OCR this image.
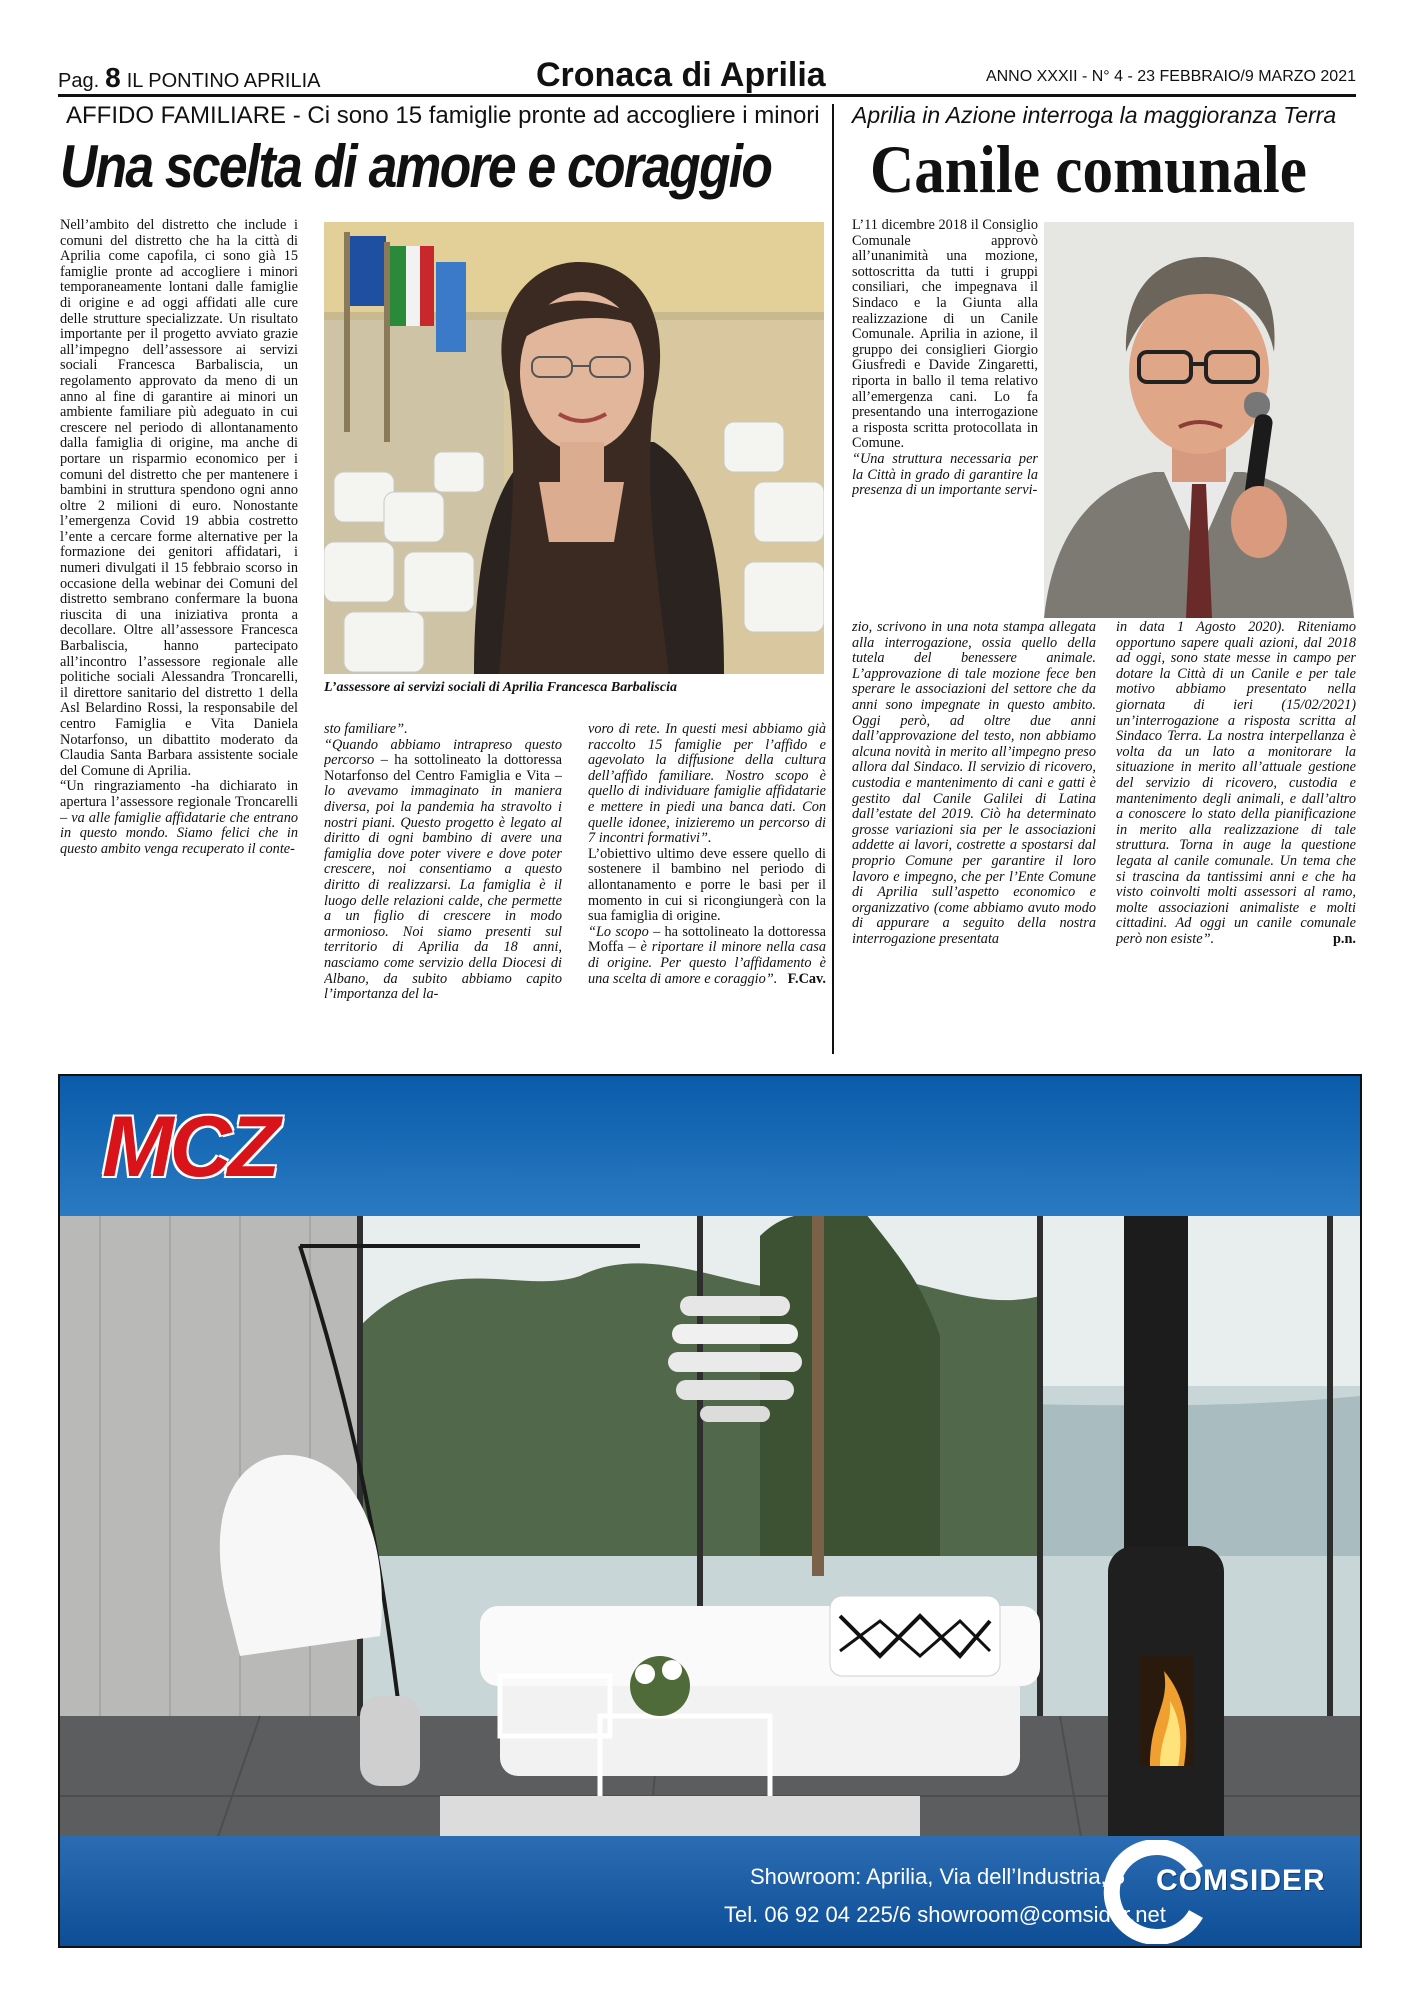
Pag. 8 IL PONTINO APRILIA	Cronaca di Aprilia	ANNO XXXII - N° 4 - 23 FEBBRAIO/9 MARZO 2021
AFFIDO FAMILIARE - Ci sono 15 famiglie pronte ad accogliere i minori
Una scelta di amore e coraggio

Nell’ambito del distretto che include i comuni del distretto che ha la città di Aprilia come capofila, ci sono già 15 famiglie pronte ad accogliere i minori temporaneamente lontani dalle famiglie di origine e ad oggi affidati alle cure delle strutture specializzate. Un risultato importante per il progetto avviato grazie all’impegno dell’assessore ai servizi sociali Francesca Barbaliscia, un regolamento approvato da meno di un anno al fine di garantire ai minori un ambiente familiare più adeguato in cui crescere nel periodo di allontanamento dalla famiglia di origine, ma anche di portare un risparmio economico per i comuni del distretto che per mantenere i bambini in struttura spendono ogni anno oltre 2 milioni di euro. Nonostante l’emergenza Covid 19 abbia costretto l’ente a cercare forme alternative per la formazione dei genitori affidatari, i numeri divulgati il 15 febbraio scorso in occasione della webinar dei Comuni del distretto sembrano confermare la buona riuscita di una iniziativa pronta a decollare. Oltre all’assessore Francesca Barbaliscia, hanno partecipato all’incontro l’assessore regionale alle politiche sociali Alessandra Troncarelli, il direttore sanitario del distretto 1 della Asl Belardino Rossi, la responsabile del centro Famiglia e Vita Daniela Notarfonso, un dibattito moderato da Claudia Santa Barbara assistente sociale del Comune di Aprilia.

“Un ringraziamento -ha dichiarato in apertura l’assessore regionale Troncarelli – va alle famiglie affidatarie che entrano in questo mondo. Siamo felici che in questo ambito venga recuperato il conte-

L’assessore ai servizi sociali di Aprilia Francesca Barbaliscia

sto familiare”.

“Quando abbiamo intrapreso questo percorso – ha sottolineato la dottoressa Notarfonso del Centro Famiglia e Vita – lo avevamo immaginato in maniera diversa, poi la pandemia ha stravolto i nostri piani. Questo progetto è legato al diritto di ogni bambino di avere una famiglia dove poter vivere e dove poter crescere, noi consentiamo a questo diritto di realizzarsi. La famiglia è il luogo delle relazioni calde, che permette a un figlio di crescere in modo armonioso. Noi siamo presenti sul territorio di Aprilia da 18 anni, nasciamo come servizio della Diocesi di Albano, da subito abbiamo capito l’importanza del la-

voro di rete. In questi mesi abbiamo già raccolto 15 famiglie per l’affido e agevolato la diffusione della cultura dell’affido familiare. Nostro scopo è quello di individuare famiglie affidatarie e mettere in piedi una banca dati. Con quelle idonee, inizieremo un percorso di 7 incontri formativi”.

L’obiettivo ultimo deve essere quello di sostenere il bambino nel periodo di allontanamento e porre le basi per il momento in cui si ricongiungerà con la sua famiglia di origine.

“Lo scopo – ha sottolineato la dottoressa Moffa – è riportare il minore nella casa di origine. Per questo l’affidamento è una scelta di amore e coraggio”. F.Cav.

Aprilia in Azione interroga la maggioranza Terra
Canile comunale

L’11 dicembre 2018 il Consiglio Comunale approvò all’unanimità una mozione, sottoscritta da tutti i gruppi consiliari, che impegnava il Sindaco e la Giunta alla realizzazione di un Canile Comunale. Aprilia in azione, il gruppo dei consiglieri Giorgio Giusfredi e Davide Zingaretti, riporta in ballo il tema relativo all’emergenza cani. Lo fa presentando una interrogazione a risposta scritta protocollata in Comune.

“Una struttura necessaria per la Città in grado di garantire la presenza di un importante servi-

zio, scrivono in una nota stampa allegata alla interrogazione, ossia quello della tutela del benessere animale. L’approvazione di tale mozione fece ben sperare le associazioni del settore che da anni sono impegnate in questo ambito. Oggi però, ad oltre due anni dall’approvazione del testo, non abbiamo alcuna novità in merito all’impegno preso allora dal Sindaco. Il servizio di ricovero, custodia e mantenimento di cani e gatti è gestito dal Canile Galilei di Latina dall’estate del 2019. Ciò ha determinato grosse variazioni sia per le associazioni addette ai lavori, costrette a spostarsi dal proprio Comune per garantire il loro lavoro e impegno, che per l’Ente Comune di Aprilia sull’aspetto economico e organizzativo (come abbiamo avuto modo di appurare a seguito della nostra interrogazione presentata

in data 1 Agosto 2020). Riteniamo opportuno sapere quali azioni, dal 2018 ad oggi, sono state messe in campo per dotare la Città di un Canile e per tale motivo abbiamo presentato nella giornata di ieri (15/02/2021) un’interrogazione a risposta scritta al Sindaco Terra. La nostra interpellanza è volta da un lato a monitorare la situazione in merito all’attuale gestione del servizio di ricovero, custodia e mantenimento degli animali, e dall’altro a conoscere lo stato della pianificazione in merito alla realizzazione di tale struttura. Torna in auge la questione legata al canile comunale. Un tema che si trascina da tantissimi anni e che ha visto coinvolti molti assessori al ramo, molte associazioni animaliste e molti cittadini. Ad oggi un canile comunale però non esiste”.	p.n.

MCZ
Showroom: Aprilia, Via dell’Industria, 5
Tel. 06 92 04 225/6 showroom@comsider.net
COMSIDER
